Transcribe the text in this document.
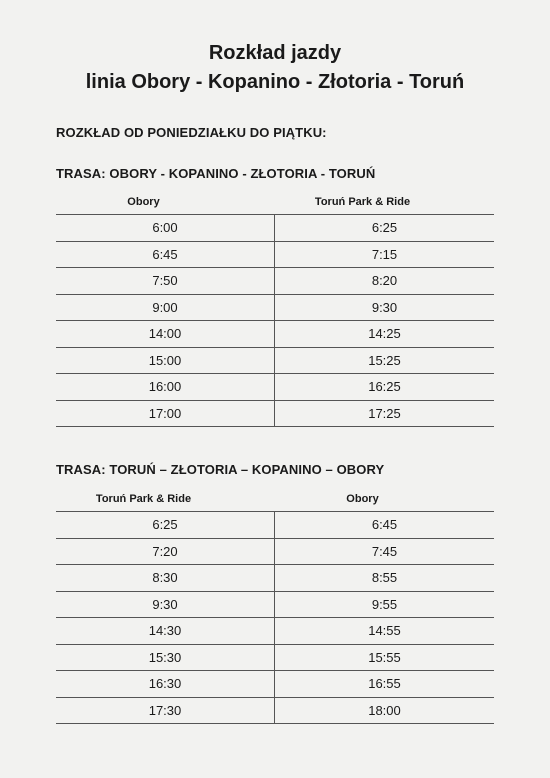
Rozkład jazdy
linia Obory - Kopanino - Złotoria - Toruń
ROZKŁAD OD PONIEDZIAŁKU DO PIĄTKU:
TRASA: OBORY - KOPANINO - ZŁOTORIA - TORUŃ
Obory	Toruń Park & Ride
6:00	6:25
6:45	7:15
7:50	8:20
9:00	9:30
14:00	14:25
15:00	15:25
16:00	16:25
17:00	17:25
TRASA: TORUŃ – ZŁOTORIA – KOPANINO – OBORY
Toruń Park & Ride	Obory
6:25	6:45
7:20	7:45
8:30	8:55
9:30	9:55
14:30	14:55
15:30	15:55
16:30	16:55
17:30	18:00
